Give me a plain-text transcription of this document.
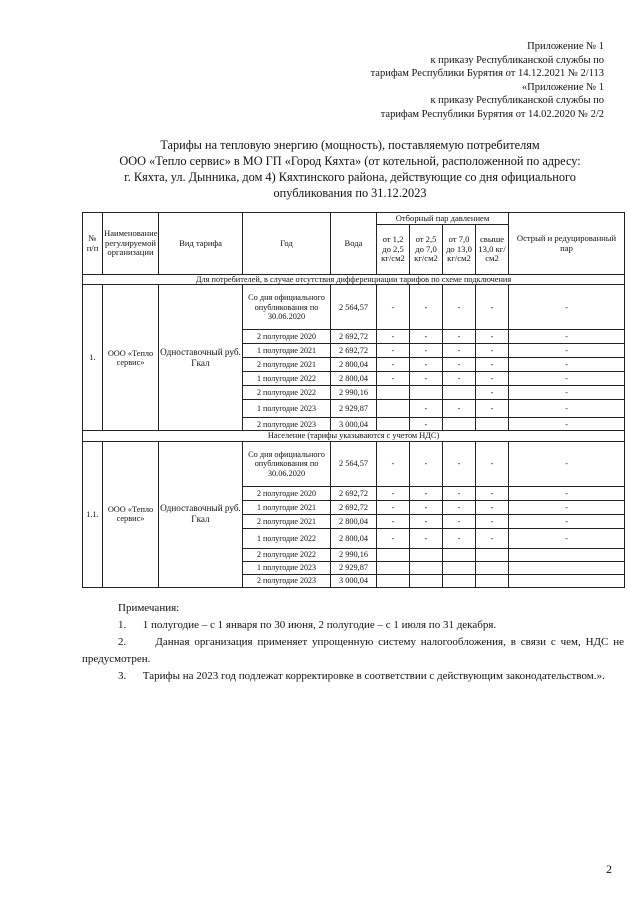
Приложение № 1
к приказу Республиканской службы по
тарифам Республики Бурятия от 14.12.2021 № 2/113
«Приложение № 1
к приказу Республиканской службы по
тарифам Республики Бурятия от 14.02.2020 № 2/2
Тарифы на тепловую энергию (мощность), поставляемую потребителям
ООО «Тепло сервис» в МО ГП «Город Кяхта» (от котельной, расположенной по адресу:
г. Кяхта, ул. Дынника, дом 4) Кяхтинского района, действующие со дня официального
опубликования по 31.12.2023
№ п/п	Наименование регулируемой организации	Вид тарифа	Год	Вода	Отборный пар давлением				Острый и редуцированный пар
					от 1,2 до 2,5 кг/см2	от 2,5 до 7,0 кг/см2	от 7,0 до 13,0 кг/см2	свыше 13,0 кг/см2	
Для потребителей, в случае отсутствия дифференциации тарифов по схеме подключения									
1.	ООО «Тепло сервис»	Одноставочный руб. Гкал	Со дня официального опубликования по 30.06.2020	2 564,57	-	-	-	-	-
			2 полугодие 2020	2 692,72	-	-	-	-	-
			1 полугодие 2021	2 692,72	-	-	-	-	-
			2 полугодие 2021	2 800,04	-	-	-	-	-
			1 полугодие 2022	2 800,04	-	-	-	-	-
			2 полугодие 2022	2 990,16				-	-
			1 полугодие 2023	2 929,87		-	-	-	-
			2 полугодие 2023	3 000,04		-			-
Население (тарифы указываются с учетом НДС)									
1.1.	ООО «Тепло сервис»	Одноставочный руб. Гкал	Со дня официального опубликования по 30.06.2020	2 564,57	-	-	-	-	-
			2 полугодие 2020	2 692,72	-	-	-	-	-
			1 полугодие 2021	2 692,72	-	-	-	-	-
			2 полугодие 2021	2 800,04	-	-	-	-	-
			1 полугодие 2022	2 800,04	-	-	-	-	-
			2 полугодие 2022	2 990,16					
			1 полугодие 2023	2 929,87					
			2 полугодие 2023	3 000,04					

Примечания:

1.      1 полугодие – с 1 января по 30 июня, 2 полугодие – с 1 июля по 31 декабря.

2.      Данная организация применяет упрощенную систему налогообложения, в связи с чем, НДС не предусмотрен.

3.      Тарифы на 2023 год подлежат корректировке в соответствии с действующим законодательством.».

2
